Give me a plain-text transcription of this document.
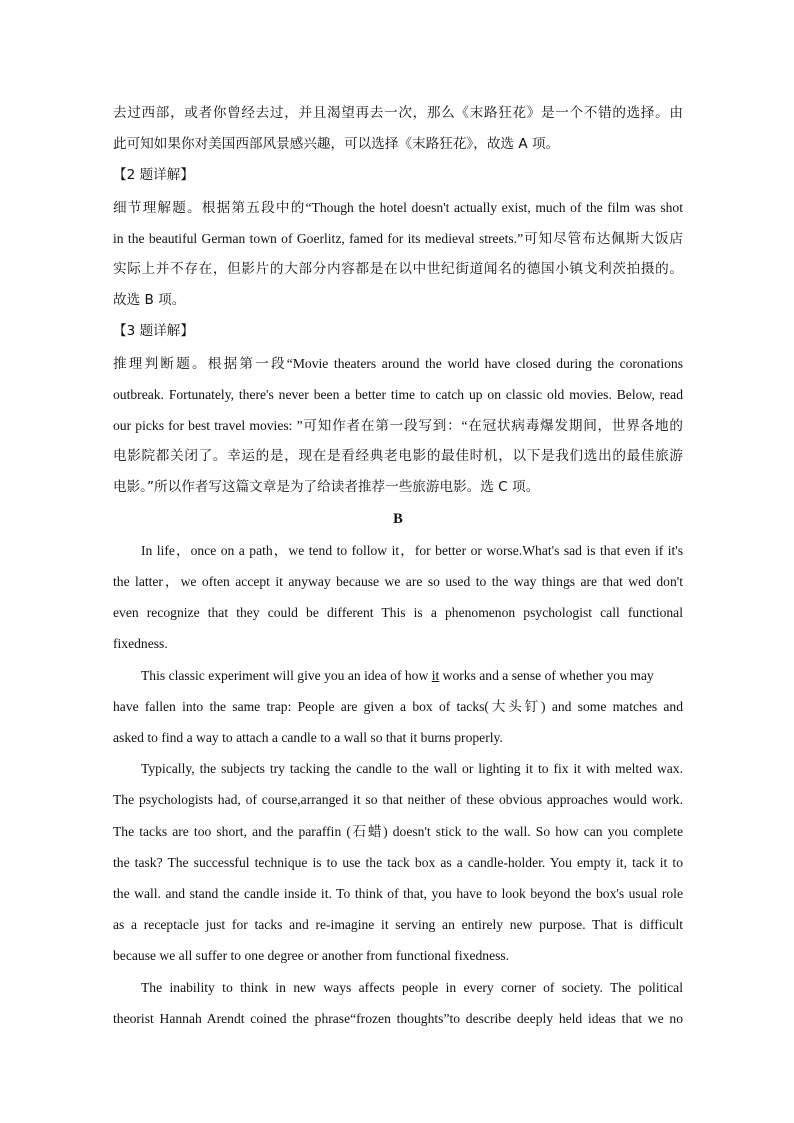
去过西部，或者你曾经去过，并且渴望再去一次，那么《末路狂花》是一个不错的选择。由
此可知如果你对美国西部风景感兴趣，可以选择《末路狂花》，故选 A 项。
【2 题详解】
细节理解题。根据第五段中的“Though the hotel doesn't actually exist, much of the film was shot
in the beautiful German town of Goerlitz, famed for its medieval streets.”可知尽管布达佩斯大饭店
实际上并不存在，但影片的大部分内容都是在以中世纪街道闻名的德国小镇戈利茨拍摄的。
故选 B 项。
【3 题详解】
推理判断题。根据第一段“Movie theaters around the world have closed during the coronations
outbreak. Fortunately, there's never been a better time to catch up on classic old movies. Below, read
our picks for best travel movies: ”可知作者在第一段写到：“在冠状病毒爆发期间，世界各地的
电影院都关闭了。幸运的是，现在是看经典老电影的最佳时机，以下是我们选出的最佳旅游
电影。”所以作者写这篇文章是为了给读者推荐一些旅游电影。选 C 项。
B
In life，once on a path，we tend to follow it，for better or worse.What's sad is that even if it's
the latter，we often accept it anyway because we are so used to the way things are that wed don't
even recognize that they could be different This is a phenomenon psychologist call functional
fixedness.
This classic experiment will give you an idea of how it works and a sense of whether you may
have fallen into the same trap: People are given a box of tacks(大头钉) and some matches and
asked to find a way to attach a candle to a wall so that it burns properly.
Typically, the subjects try tacking the candle to the wall or lighting it to fix it with melted wax.
The psychologists had, of course,arranged it so that neither of these obvious approaches would work.
The tacks are too short, and the paraffin (石蜡) doesn't stick to the wall. So how can you complete
the task? The successful technique is to use the tack box as a candle-holder. You empty it, tack it to
the wall. and stand the candle inside it. To think of that, you have to look beyond the box's usual role
as a receptacle just for tacks and re-imagine it serving an entirely new purpose. That is difficult
because we all suffer to one degree or another from functional fixedness.
The inability to think in new ways affects people in every corner of society. The political
theorist Hannah Arendt coined the phrase“frozen thoughts”to describe deeply held ideas that we no
